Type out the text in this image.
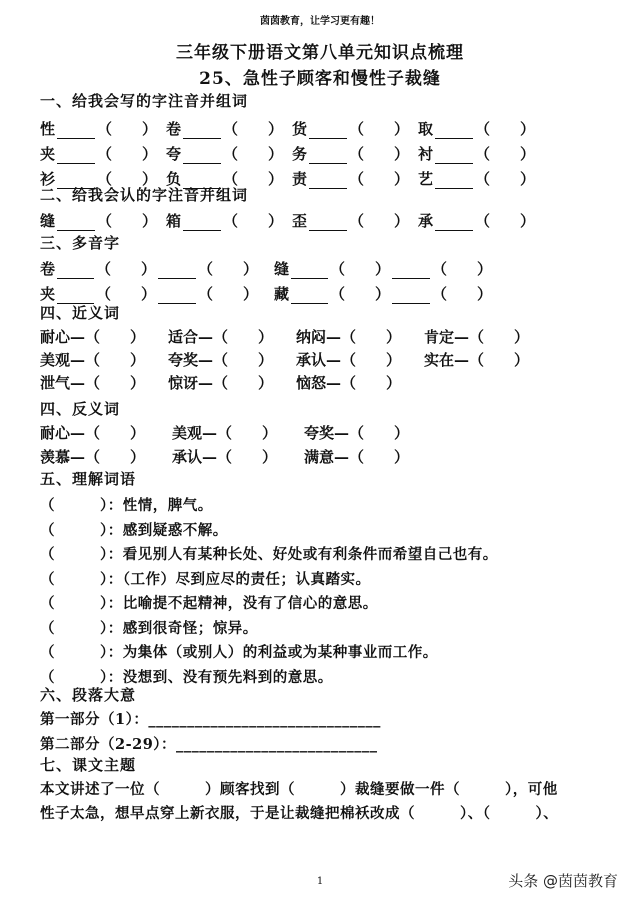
茵茵教育，让学习更有趣！
三年级下册语文第八单元知识点梳理
25、急性子顾客和慢性子裁缝
一、给我会写的字注音并组词
性	（　　） 卷	（　　） 货	（　　） 取	（　　）
夹	（　　） 夸	（　　） 务	（　　） 衬	（　　）
衫	（　　） 负	（　　） 责	（　　） 艺	（　　）
二、给我会认的字注音并组词
缝	（　　） 箱	（　　） 歪	（　　） 承	（　　）
三、多音字
卷	（　　）	（　　） 缝	（　　）	（　　）
夹	（　　）	（　　） 藏	（　　）	（　　）
四、近义词
耐心—（　　）	适合—（　　）	纳闷—（　　）	肯定—（　　）
美观—（　　）	夸奖—（　　）	承认—（　　）	实在—（　　）
泄气—（　　）	惊讶—（　　）	恼怒—（　　）
四、反义词
耐心—（　　）	美观—（　　）	夸奖—（　　）
羡慕—（　　）	承认—（　　）	满意—（　　）
五、理解词语
（　　　）：性情，脾气。
（　　　）：感到疑惑不解。
（　　　）：看见别人有某种长处、好处或有利条件而希望自己也有。
（　　　）：（工作）尽到应尽的责任；认真踏实。
（　　　）：比喻提不起精神，没有了信心的意思。
（　　　）：感到很奇怪；惊异。
（　　　）：为集体（或别人）的利益或为某种事业而工作。
（　　　）：没想到、没有预先料到的意思。
六、段落大意
第一部分（1）：______________________________
第二部分（2-29）：__________________________
七、课文主题
本文讲述了一位（　　　）顾客找到（　　　）裁缝要做一件（　　　），可他
性子太急，想早点穿上新衣服，于是让裁缝把棉袄改成（　　　）、（　　　）、
1	头条 @茵茵教育
